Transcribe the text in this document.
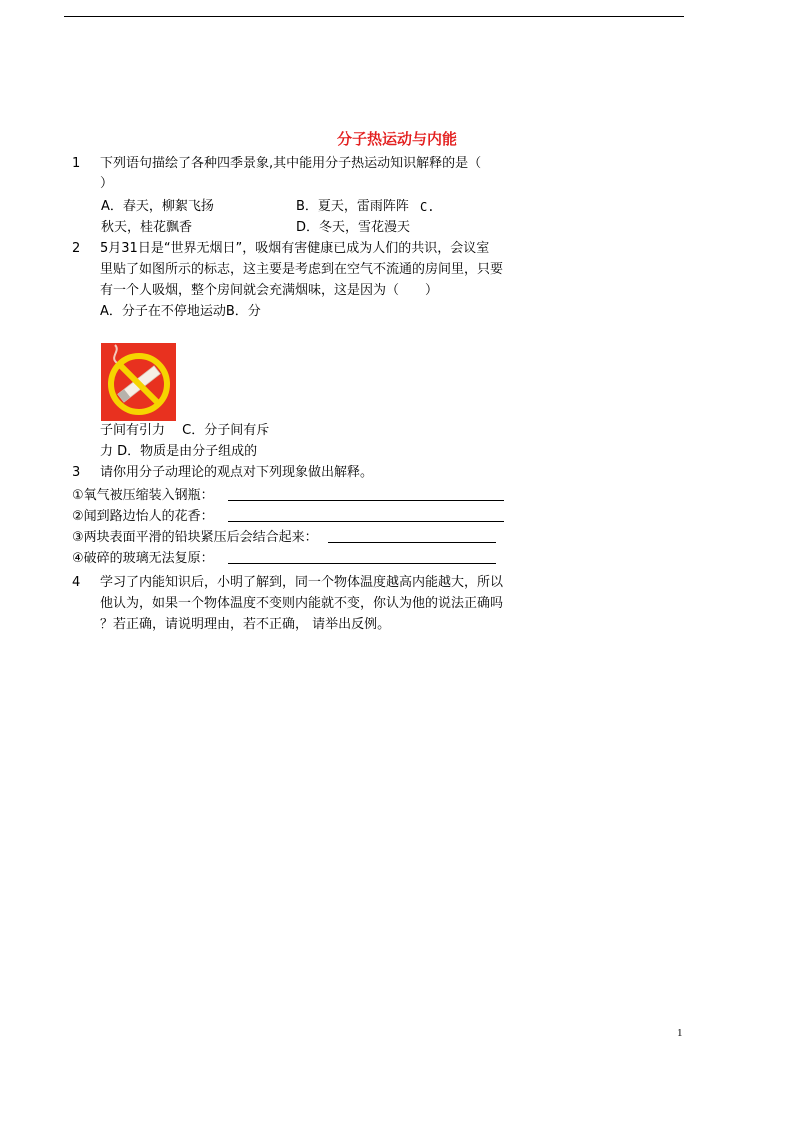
分子热运动与内能
1 下列语句描绘了各种四季景象,其中能用分子热运动知识解释的是（
）
A．春天，柳絮飞扬	B．夏天，雷雨阵阵 C.
秋天，桂花飘香	D．冬天，雪花漫天
2 5月31日是“世界无烟日”，吸烟有害健康已成为人们的共识，会议室
里贴了如图所示的标志，这主要是考虑到在空气不流通的房间里，只要
有一个人吸烟，整个房间就会充满烟味，这是因为（　　）
A．分子在不停地运动B．分
子间有引力　 C．分子间有斥
力 D．物质是由分子组成的
3 请你用分子动理论的观点对下列现象做出解释。
①氧气被压缩装入钢瓶：
②闻到路边怡人的花香：
③两块表面平滑的铅块紧压后会结合起来：
④破碎的玻璃无法复原：
4 学习了内能知识后，小明了解到，同一个物体温度越高内能越大，所以
他认为，如果一个物体温度不变则内能就不变，你认为他的说法正确吗
？若正确，请说明理由，若不正确， 请举出反例。
1
